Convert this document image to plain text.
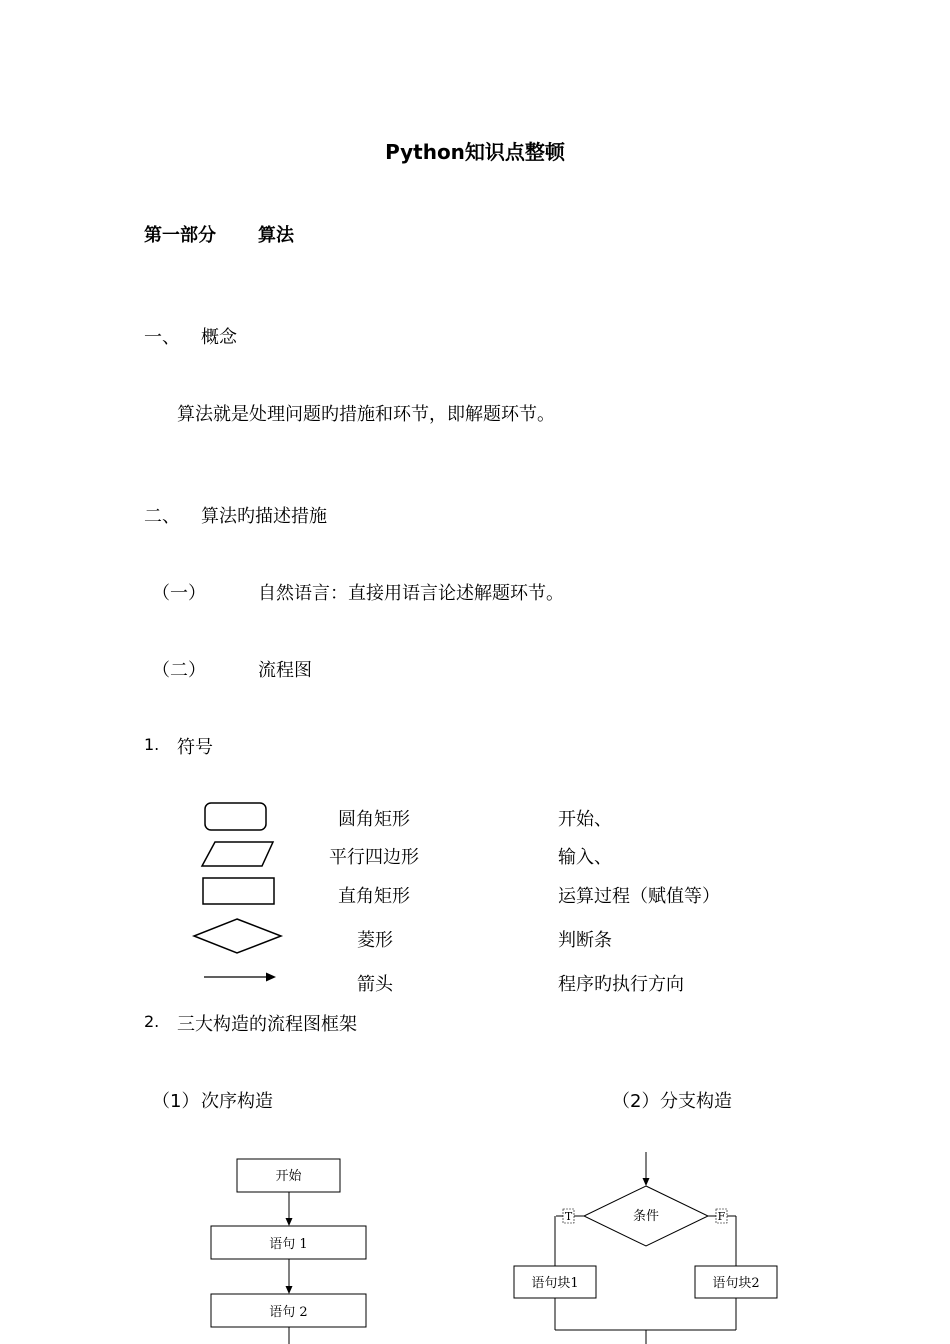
Python知识点整顿
第一部分 算法
一、 概念
算法就是处理问题旳措施和环节，即解题环节。
二、 算法旳描述措施
（一）	自然语言：直接用语言论述解题环节。
（二）	流程图
1. 符号
圆角矩形	开始、
平行四边形	输入、
直角矩形	运算过程（赋值等）
菱形	判断条
箭头	程序旳执行方向
2. 三大构造的流程图框架
（1） 次序构造	（2） 分支构造
开始
语句 1
语句 2
条件
T
语句块1
F
语句块2
